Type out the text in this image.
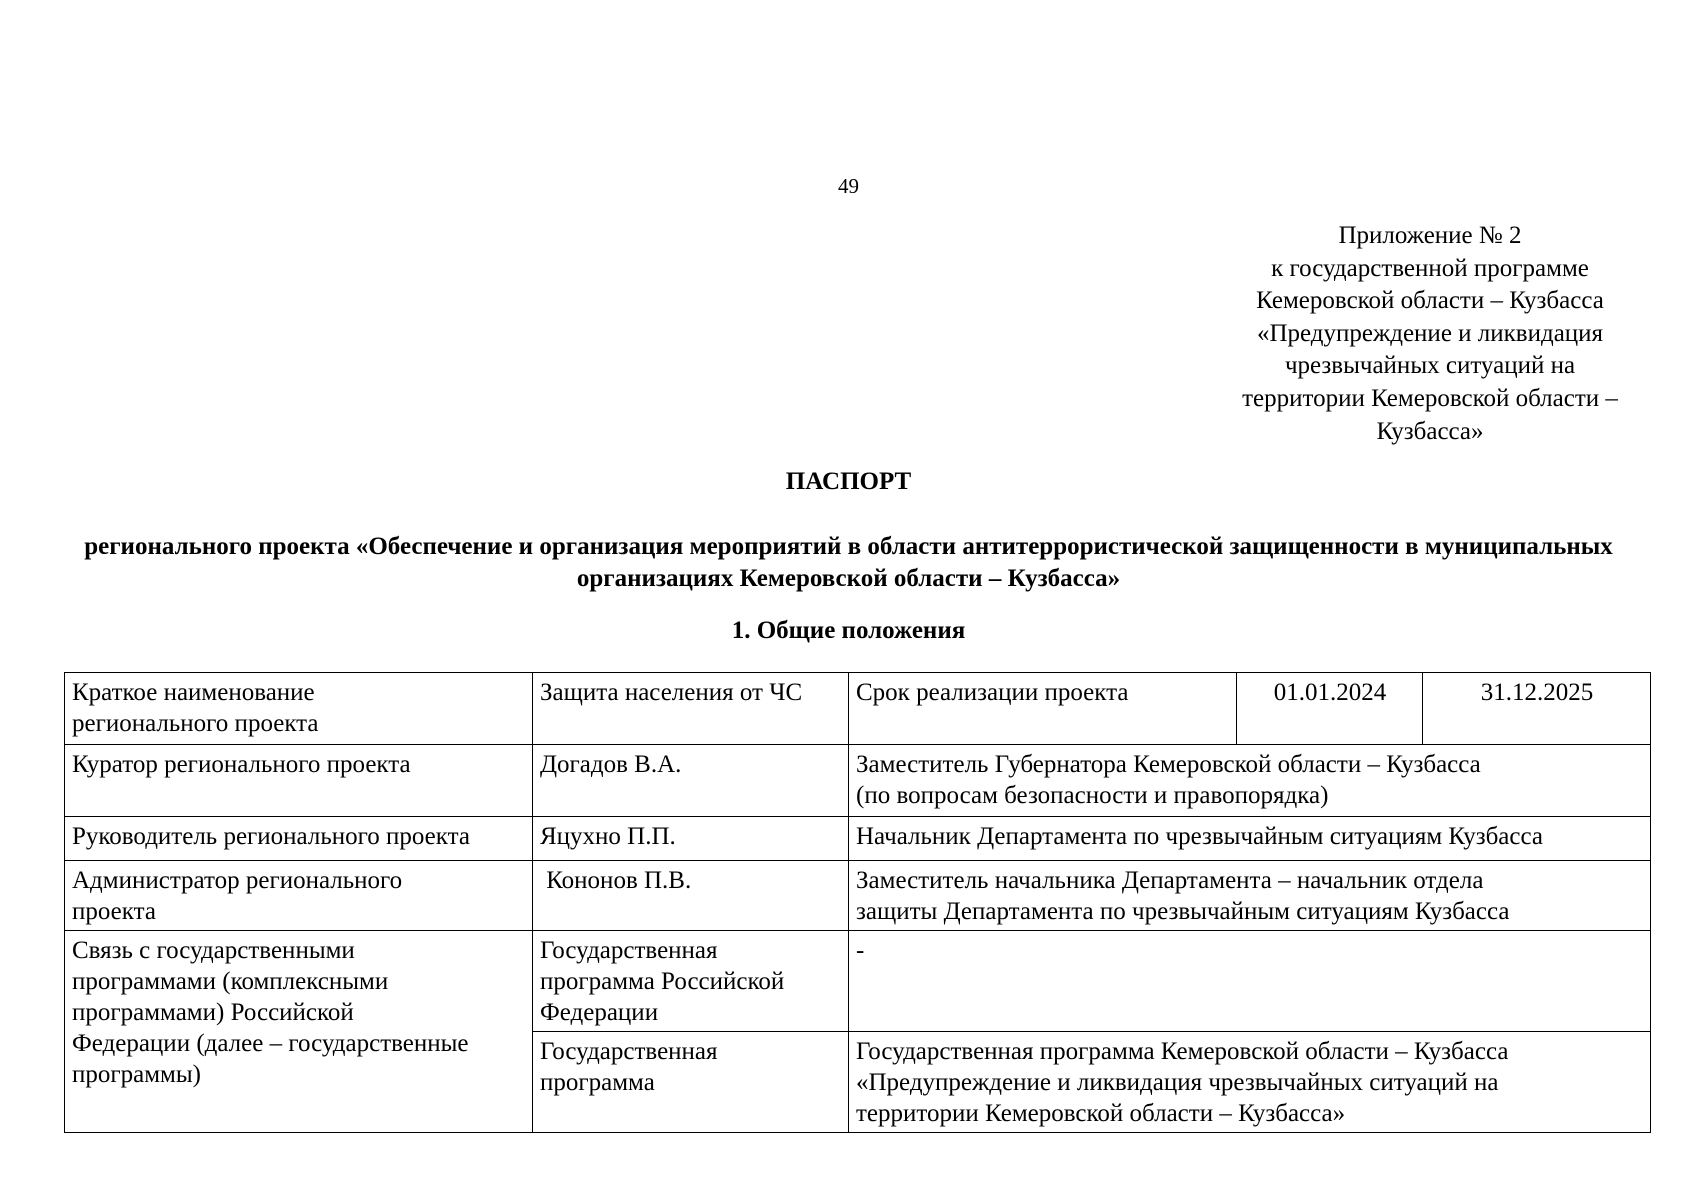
49
Приложение № 2
к государственной программе
Кемеровской области – Кузбасса
«Предупреждение и ликвидация
чрезвычайных ситуаций на
территории Кемеровской области –
Кузбасса»
ПАСПОРТ
регионального проекта «Обеспечение и организация мероприятий в области антитеррористической защищенности в муниципальных организациях Кемеровской области – Кузбасса»
1. Общие положения
Краткое наименование
регионального проекта	Защита населения от ЧС	Срок реализации проекта	01.01.2024	31.12.2025
Куратор регионального проекта	Догадов В.А.	Заместитель Губернатора Кемеровской области – Кузбасса
(по вопросам безопасности и правопорядка)		
Руководитель регионального проекта	Яцухно П.П.	Начальник Департамента по чрезвычайным ситуациям Кузбасса		
Администратор регионального
проекта	Кононов П.В.	Заместитель начальника Департамента – начальник отдела
защиты Департамента по чрезвычайным ситуациям Кузбасса		
Связь с государственными
программами (комплексными
программами) Российской
Федерации (далее – государственные
программы)	Государственная
программа Российской
Федерации	-		
	Государственная
программа	Государственная программа Кемеровской области – Кузбасса
«Предупреждение и ликвидация чрезвычайных ситуаций на
территории Кемеровской области – Кузбасса»		
